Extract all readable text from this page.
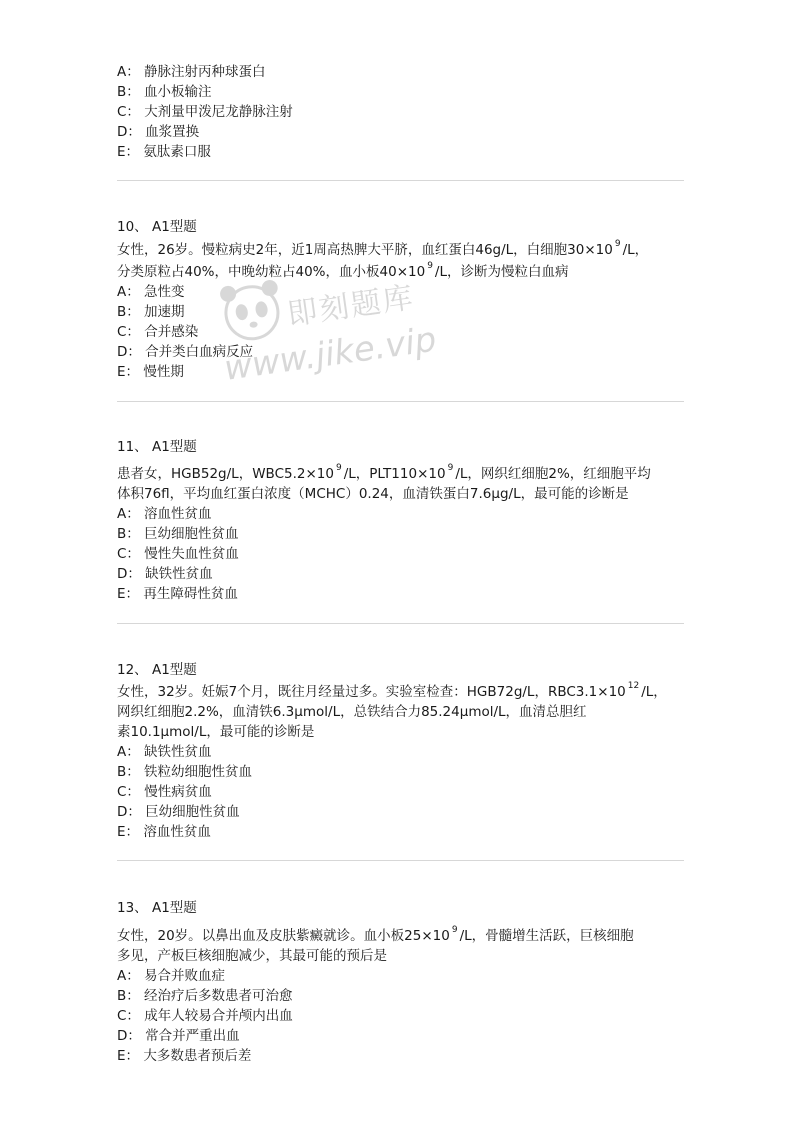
A： 静脉注射丙种球蛋白
B： 血小板输注
C： 大剂量甲泼尼龙静脉注射
D： 血浆置换
E： 氨肽素口服
10、 A1型题
女性，26岁。慢粒病史2年，近1周高热脾大平脐，血红蛋白46g/L，白细胞30×10 $^9$ /L，
分类原粒占40%，中晚幼粒占40%，血小板40×10 $^9$ /L，诊断为慢粒白血病
A： 急性变
B： 加速期
C： 合并感染
D： 合并类白血病反应
E： 慢性期
11、 A1型题
患者女，HGB52g/L，WBC5.2×10 $^9$ /L，PLT110×10 $^9$ /L，网织红细胞2%，红细胞平均
体积76fl，平均血红蛋白浓度（MCHC）0.24，血清铁蛋白7.6μg/L，最可能的诊断是
A： 溶血性贫血
B： 巨幼细胞性贫血
C： 慢性失血性贫血
D： 缺铁性贫血
E： 再生障碍性贫血
12、 A1型题
女性，32岁。妊娠7个月，既往月经量过多。实验室检查：HGB72g/L，RBC3.1×10 $^{12}$ /L，
网织红细胞2.2%，血清铁6.3μmol/L，总铁结合力85.24μmol/L，血清总胆红
素10.1μmol/L，最可能的诊断是
A： 缺铁性贫血
B： 铁粒幼细胞性贫血
C： 慢性病贫血
D： 巨幼细胞性贫血
E： 溶血性贫血
13、 A1型题
女性，20岁。以鼻出血及皮肤紫癜就诊。血小板25×10 $^9$ /L，骨髓增生活跃，巨核细胞
多见，产板巨核细胞减少，其最可能的预后是
A： 易合并败血症
B： 经治疗后多数患者可治愈
C： 成年人较易合并颅内出血
D： 常合并严重出血
E： 大多数患者预后差
即刻题库
www.jike.vip
